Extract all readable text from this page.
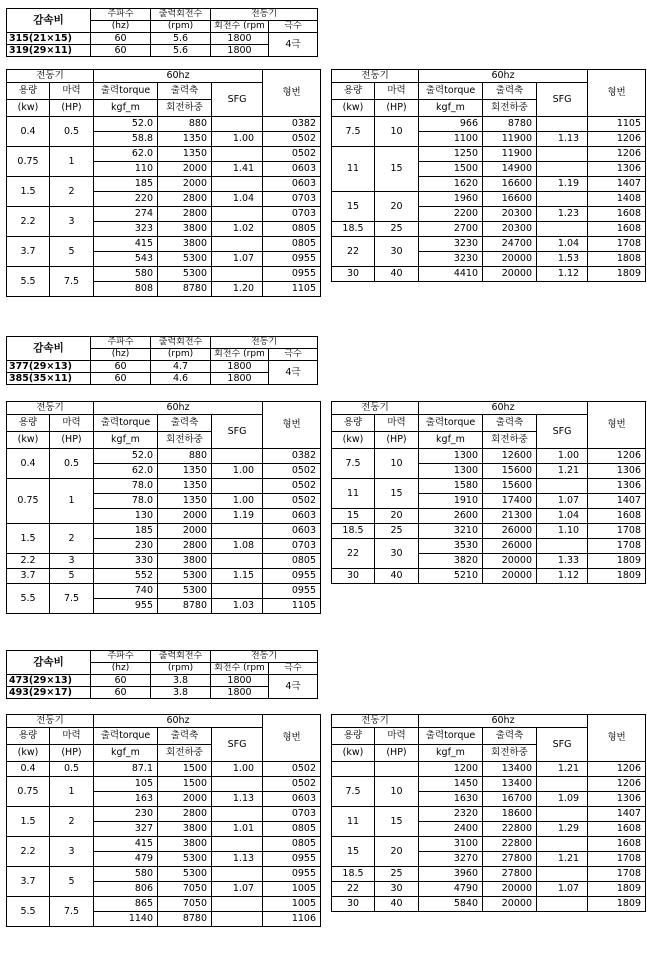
감속비	주파수	출력회전수	전동기	
	(hz)	(rpm)	회전수 (rpm	극수
315(21×15)	60	5.6	1800	4극
319(29×11)	60	5.6	1800	
전동기		60hz			형번
용량	마력	출력torque	출력축	SFG	
(kw)	(HP)	kgf_m	회전하중		
0.4	0.5	52.0	880		0382
		58.8	1350	1.00	0502
0.75	1	62.0	1350		0502
		110	2000	1.41	0603
1.5	2	185	2000		0603
		220	2800	1.04	0703
2.2	3	274	2800		0703
		323	3800	1.02	0805
3.7	5	415	3800		0805
		543	5300	1.07	0955
5.5	7.5	580	5300		0955
		808	8780	1.20	1105
전동기		60hz			형번
용량	마력	출력torque	출력축	SFG	
(kw)	(HP)	kgf_m	회전하중		
7.5	10	966	8780		1105
		1100	11900	1.13	1206
11	15	1250	11900		1206
		1500	14900		1306
		1620	16600	1.19	1407
15	20	1960	16600		1408
		2200	20300	1.23	1608
18.5	25	2700	20300		1608
22	30	3230	24700	1.04	1708
		3230	20000	1.53	1808
30	40	4410	20000	1.12	1809
감속비	주파수	출력회전수	전동기	
	(hz)	(rpm)	회전수 (rpm	극수
377(29×13)	60	4.7	1800	4극
385(35×11)	60	4.6	1800	
전동기		60hz			형번
용량	마력	출력torque	출력축	SFG	
(kw)	(HP)	kgf_m	회전하중		
0.4	0.5	52.0	880		0382
		62.0	1350	1.00	0502
0.75	1	78.0	1350		0502
		78.0	1350	1.00	0502
		130	2000	1.19	0603
1.5	2	185	2000		0603
		230	2800	1.08	0703
2.2	3	330	3800		0805
3.7	5	552	5300	1.15	0955
5.5	7.5	740	5300		0955
		955	8780	1.03	1105
전동기		60hz			형번
용량	마력	출력torque	출력축	SFG	
(kw)	(HP)	kgf_m	회전하중		
7.5	10	1300	12600	1.00	1206
		1300	15600	1.21	1306
11	15	1580	15600		1306
		1910	17400	1.07	1407
15	20	2600	21300	1.04	1608
18.5	25	3210	26000	1.10	1708
22	30	3530	26000		1708
		3820	20000	1.33	1809
30	40	5210	20000	1.12	1809
감속비	주파수	출력회전수	전동기	
	(hz)	(rpm)	회전수 (rpm	극수
473(29×13)	60	3.8	1800	4극
493(29×17)	60	3.8	1800	
전동기		60hz			형번
용량	마력	출력torque	출력축	SFG	
(kw)	(HP)	kgf_m	회전하중		
0.4	0.5	87.1	1500	1.00	0502
0.75	1	105	1500		0502
		163	2000	1.13	0603
1.5	2	230	2800		0703
		327	3800	1.01	0805
2.2	3	415	3800		0805
		479	5300	1.13	0955
3.7	5	580	5300		0955
		806	7050	1.07	1005
5.5	7.5	865	7050		1005
		1140	8780		1106
전동기		60hz			형번
용량	마력	출력torque	출력축	SFG	
(kw)	(HP)	kgf_m	회전하중		
		1200	13400	1.21	1206
7.5	10	1450	13400		1206
		1630	16700	1.09	1306
11	15	2320	18600		1407
		2400	22800	1.29	1608
15	20	3100	22800		1608
		3270	27800	1.21	1708
18.5	25	3960	27800		1708
22	30	4790	20000	1.07	1809
30	40	5840	20000		1809
